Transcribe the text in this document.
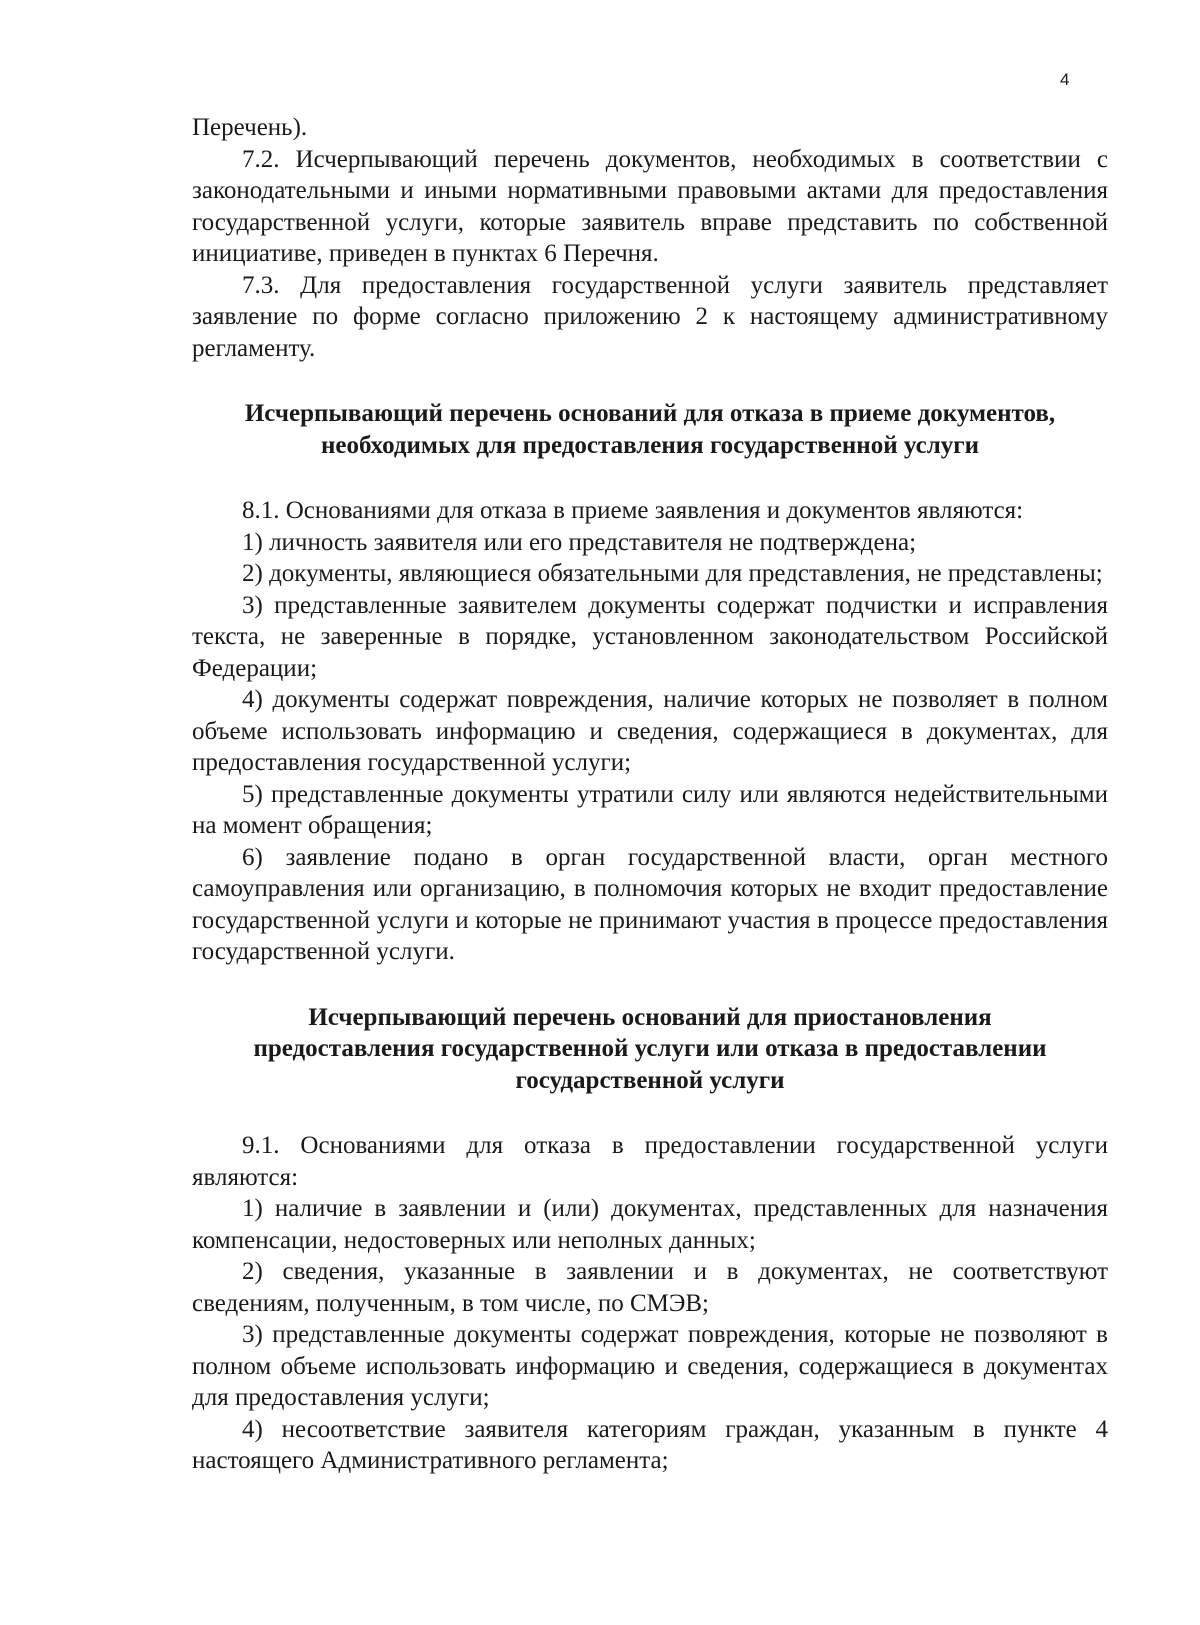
4

Перечень).

7.2. Исчерпывающий перечень документов, необходимых в соответствии с законодательными и иными нормативными правовыми актами для предоставления государственной услуги, которые заявитель вправе представить по собственной инициативе, приведен в пунктах 6 Перечня.

7.3. Для предоставления государственной услуги заявитель представляет заявление по форме согласно приложению 2 к настоящему административному регламенту.

Исчерпывающий перечень оснований для отказа в приеме документов, необходимых для предоставления государственной услуги

8.1. Основаниями для отказа в приеме заявления и документов являются:

1) личность заявителя или его представителя не подтверждена;

2) документы, являющиеся обязательными для представления, не представлены;

3) представленные заявителем документы содержат подчистки и исправления текста, не заверенные в порядке, установленном законодательством Российской Федерации;

4) документы содержат повреждения, наличие которых не позволяет в полном объеме использовать информацию и сведения, содержащиеся в документах, для предоставления государственной услуги;

5) представленные документы утратили силу или являются недействительными на момент обращения;

6) заявление подано в орган государственной власти, орган местного самоуправления или организацию, в полномочия которых не входит предоставление государственной услуги и которые не принимают участия в процессе предоставления государственной услуги.

Исчерпывающий перечень оснований для приостановления
предоставления государственной услуги или отказа в предоставлении
государственной услуги

9.1. Основаниями для отказа в предоставлении государственной услуги являются:

1) наличие в заявлении и (или) документах, представленных для назначения компенсации, недостоверных или неполных данных;

2) сведения, указанные в заявлении и в документах, не соответствуют сведениям, полученным, в том числе, по СМЭВ;

3) представленные документы содержат повреждения, которые не позволяют в полном объеме использовать информацию и сведения, содержащиеся в документах для предоставления услуги;

4) несоответствие заявителя категориям граждан, указанным в пункте 4 настоящего Административного регламента;
